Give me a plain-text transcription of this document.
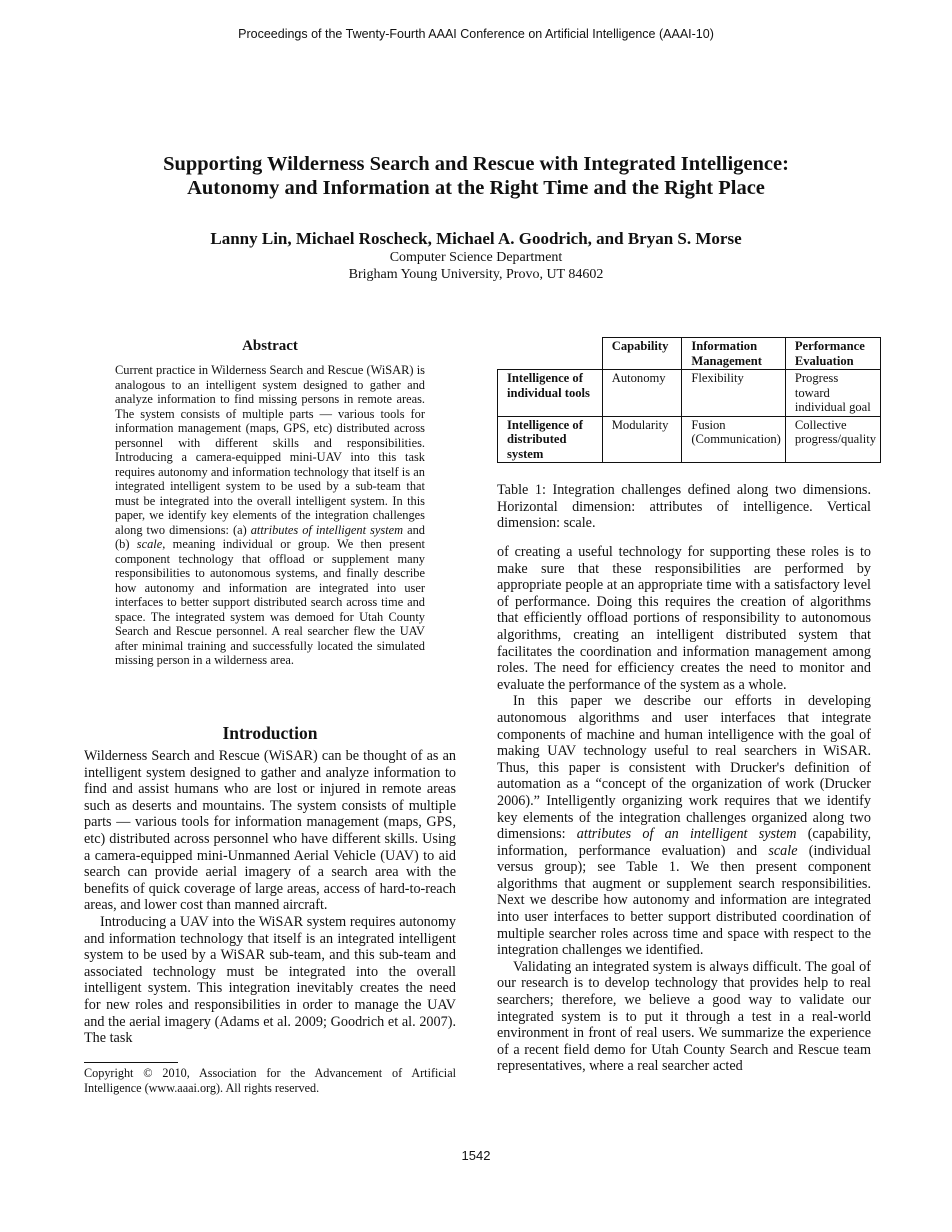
Proceedings of the Twenty-Fourth AAAI Conference on Artificial Intelligence (AAAI-10)
Supporting Wilderness Search and Rescue with Integrated Intelligence:
Autonomy and Information at the Right Time and the Right Place
Lanny Lin, Michael Roscheck, Michael A. Goodrich, and Bryan S. Morse
Computer Science Department
Brigham Young University, Provo, UT 84602
Abstract
Current practice in Wilderness Search and Rescue (WiSAR) is analogous to an intelligent system designed to gather and analyze information to find missing persons in remote areas. The system consists of multiple parts — various tools for information management (maps, GPS, etc) distributed across personnel with different skills and responsibilities. Introducing a camera-equipped mini-UAV into this task requires autonomy and information technology that itself is an integrated intelligent system to be used by a sub-team that must be integrated into the overall intelligent system. In this paper, we identify key elements of the integration challenges along two dimensions: (a) attributes of intelligent system and (b) scale, meaning individual or group. We then present component technology that offload or supplement many responsibilities to autonomous systems, and finally describe how autonomy and information are integrated into user interfaces to better support distributed search across time and space. The integrated system was demoed for Utah County Search and Rescue personnel. A real searcher flew the UAV after minimal training and successfully located the simulated missing person in a wilderness area.
Introduction

Wilderness Search and Rescue (WiSAR) can be thought of as an intelligent system designed to gather and analyze information to find and assist humans who are lost or injured in remote areas such as deserts and mountains. The system consists of multiple parts — various tools for information management (maps, GPS, etc) distributed across personnel who have different skills. Using a camera-equipped mini-Unmanned Aerial Vehicle (UAV) to aid search can provide aerial imagery of a search area with the benefits of quick coverage of large areas, access of hard-to-reach areas, and lower cost than manned aircraft.

Introducing a UAV into the WiSAR system requires autonomy and information technology that itself is an integrated intelligent system to be used by a WiSAR sub-team, and this sub-team and associated technology must be integrated into the overall intelligent system. This integration inevitably creates the need for new roles and responsibilities in order to manage the UAV and the aerial imagery (Adams et al. 2009; Goodrich et al. 2007). The task

Copyright © 2010, Association for the Advancement of Artificial Intelligence (www.aaai.org). All rights reserved.
	Capability	Information Management	Performance Evaluation
Intelligence of individual tools	Autonomy	Flexibility	Progress toward individual goal
Intelligence of distributed system	Modularity	Fusion (Communication)	Collective progress/quality
Table 1: Integration challenges defined along two dimensions. Horizontal dimension: attributes of intelligence. Vertical dimension: scale.

of creating a useful technology for supporting these roles is to make sure that these responsibilities are performed by appropriate people at an appropriate time with a satisfactory level of performance. Doing this requires the creation of algorithms that efficiently offload portions of responsibility to autonomous algorithms, creating an intelligent distributed system that facilitates the coordination and information management among roles. The need for efficiency creates the need to monitor and evaluate the performance of the system as a whole.

In this paper we describe our efforts in developing autonomous algorithms and user interfaces that integrate components of machine and human intelligence with the goal of making UAV technology useful to real searchers in WiSAR. Thus, this paper is consistent with Drucker's definition of automation as a “concept of the organization of work (Drucker 2006).” Intelligently organizing work requires that we identify key elements of the integration challenges organized along two dimensions: attributes of an intelligent system (capability, information, performance evaluation) and scale (individual versus group); see Table 1. We then present component algorithms that augment or supplement search responsibilities. Next we describe how autonomy and information are integrated into user interfaces to better support distributed coordination of multiple searcher roles across time and space with respect to the integration challenges we identified.

Validating an integrated system is always difficult. The goal of our research is to develop technology that provides help to real searchers; therefore, we believe a good way to validate our integrated system is to put it through a test in a real-world environment in front of real users. We summarize the experience of a recent field demo for Utah County Search and Rescue team representatives, where a real searcher acted

1542
